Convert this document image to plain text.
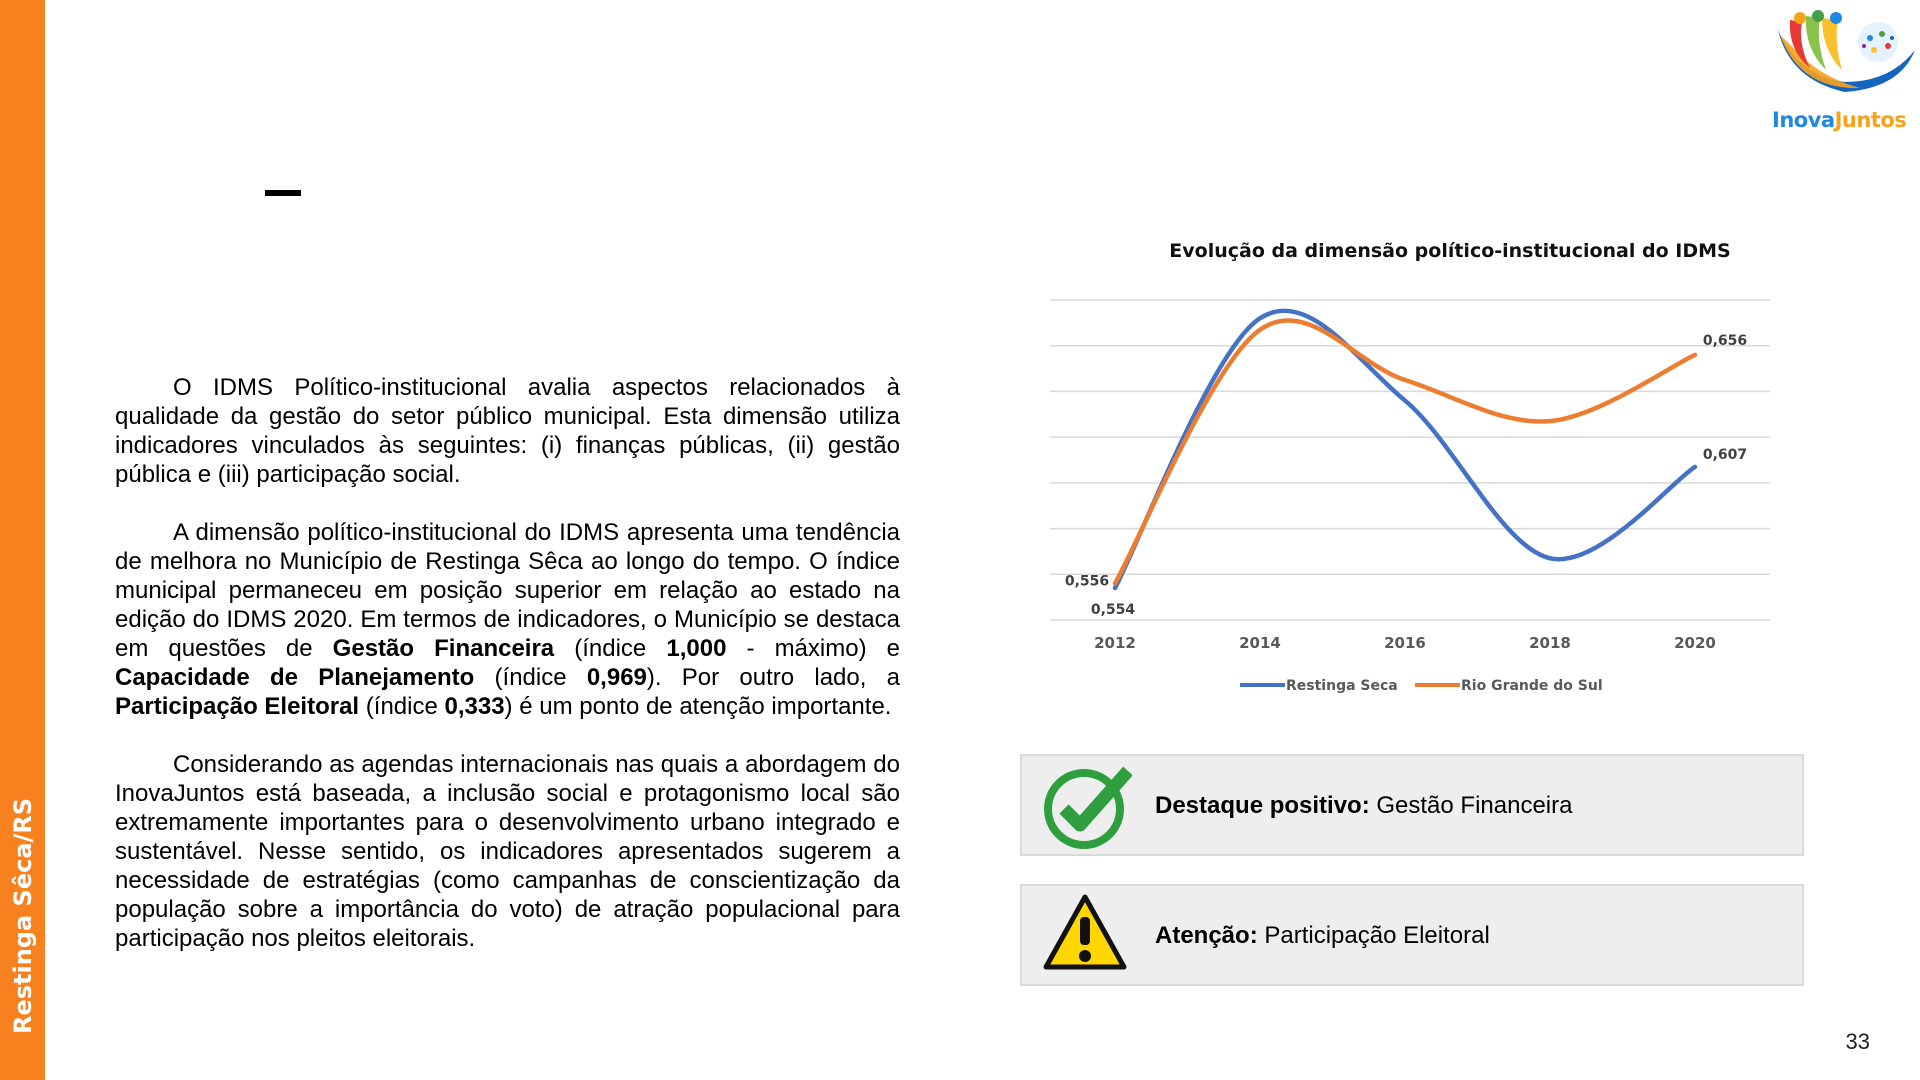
Restinga Sêca/RS
InovaJuntos

O IDMS Político-institucional avalia aspectos relacionados à qualidade da gestão do setor público municipal. Esta dimensão utiliza indicadores vinculados às seguintes: (i) finanças públicas, (ii) gestão pública e (iii) participação social.

A dimensão político-institucional do IDMS apresenta uma tendência de melhora no Município de Restinga Sêca ao longo do tempo. O índice municipal permaneceu em posição superior em relação ao estado na edição do IDMS 2020. Em termos de indicadores, o Município se destaca em questões de Gestão Financeira (índice 1,000 - máximo) e Capacidade de Planejamento (índice 0,969). Por outro lado, a Participação Eleitoral (índice 0,333) é um ponto de atenção importante.

Considerando as agendas internacionais nas quais a abordagem do InovaJuntos está baseada, a inclusão social e protagonismo local são extremamente importantes para o desenvolvimento urbano integrado e sustentável. Nesse sentido, os indicadores apresentados sugerem a necessidade de estratégias (como campanhas de conscientização da população sobre a importância do voto) de atração populacional para participação nos pleitos eleitorais.

Evolução da dimensão político-institucional do IDMS
2012	2014	2016	2018	2020
0,554
0,607
0,556
0,656
Restinga Seca	Rio Grande do Sul
Destaque positivo: Gestão Financeira
Atenção: Participação Eleitoral
33
